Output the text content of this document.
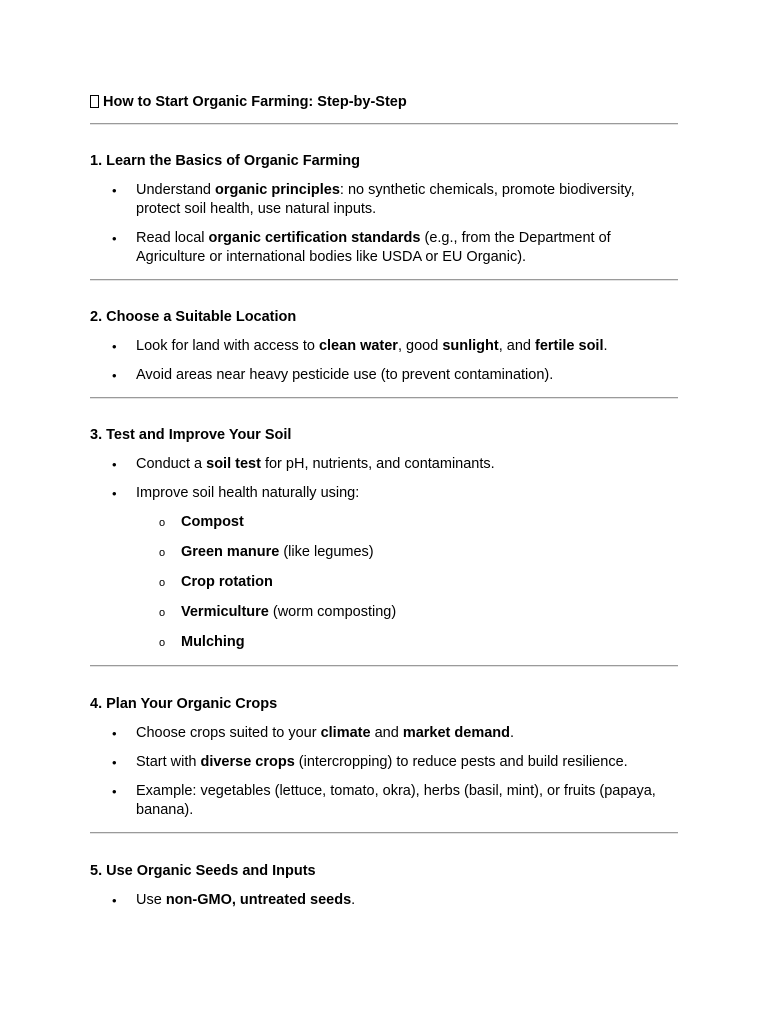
How to Start Organic Farming: Step-by-Step
1. Learn the Basics of Organic Farming
• Understand organic principles: no synthetic chemicals, promote biodiversity, protect soil health, use natural inputs.
• Read local organic certification standards (e.g., from the Department of Agriculture or international bodies like USDA or EU Organic).
2. Choose a Suitable Location
• Look for land with access to clean water, good sunlight, and fertile soil.
• Avoid areas near heavy pesticide use (to prevent contamination).
3. Test and Improve Your Soil
• Conduct a soil test for pH, nutrients, and contaminants.
• Improve soil health naturally using:
o Compost
o Green manure (like legumes)
o Crop rotation
o Vermiculture (worm composting)
o Mulching
4. Plan Your Organic Crops
• Choose crops suited to your climate and market demand.
• Start with diverse crops (intercropping) to reduce pests and build resilience.
• Example: vegetables (lettuce, tomato, okra), herbs (basil, mint), or fruits (papaya, banana).
5. Use Organic Seeds and Inputs
• Use non-GMO, untreated seeds.
